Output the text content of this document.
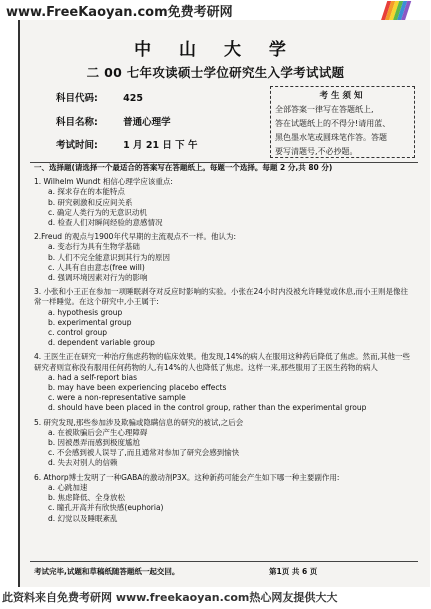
www.FreeKaoyan.com免费考研网
中 山 大 学
二 00 七年攻读硕士学位研究生入学考试试题
科目代码:	425
科目名称:	普通心理学
考试时间:	1 月 21 日 下 午
考生须知
全部答案一律写在答题纸上,
答在试题纸上的不得分!请用蓝、
黑色墨水笔或圆珠笔作答。答题
要写清题号,不必抄题。
一、选择题(请选择一个最适合的答案写在答题纸上。每题一个选择。每题 2 分,共 80 分)
1. Wilhelm Wundt 相信心理学应该重点:
a. 探求存在的本能特点
b. 研究刺激和反应间关系
c. 确定人类行为的无意识动机
d. 检查人们对瞬间经验的意感情况
2.Freud 的观点与1900年代早期的主流观点不一样。他认为:
a. 变态行为具有生物学基础
b. 人们不完全能意识到其行为的原因
c. 人具有自由意志(free will)
d. 强调环境因素对行为的影响
3. 小张和小王正在参加一项睡眠剥夺对反应时影响的实验。小张在24小时内没被允许睡觉或休息,而小王则是像往常一样睡觉。在这个研究中,小王属于:
a. hypothesis group
b. experimental group
c. control group
d. dependent variable group
4. 王医生正在研究一种治疗焦虑药物的临床效果。他发现,14%的病人在服用这种药后降低了焦虑。然而,其他一些研究者则宣称没有服用任何药物的人,有14%的人也降低了焦虑。这样一来,那些服用了王医生药物的病人
a. had a self-report bias
b. may have been experiencing placebo effects
c. were a non-representative sample
d. should have been placed in the control group, rather than the experimental group
5. 研究发现,那些参加涉及欺骗或隐瞒信息的研究的被试,之后会
a. 在被欺骗后会产生心理障碍
b. 因被愚弄而感到极度尴尬
c. 不会感到被人误导了,而且通常对参加了研究会感到愉快
d. 失去对别人的信赖
6. Athorp博士发明了一种GABA的激动剂P3X。这种新药可能会产生如下哪一种主要副作用:
a. 心跳加速
b. 焦虑降低、全身放松
c. 瞳孔开高并有欣快感(euphoria)
d. 幻觉以及睡眠紊乱
考试完毕,试题和草稿纸随答题纸一起交回。	第1页 共 6 页
此资料来自免费考研网 www.freekaoyan.com热心网友提供大大
